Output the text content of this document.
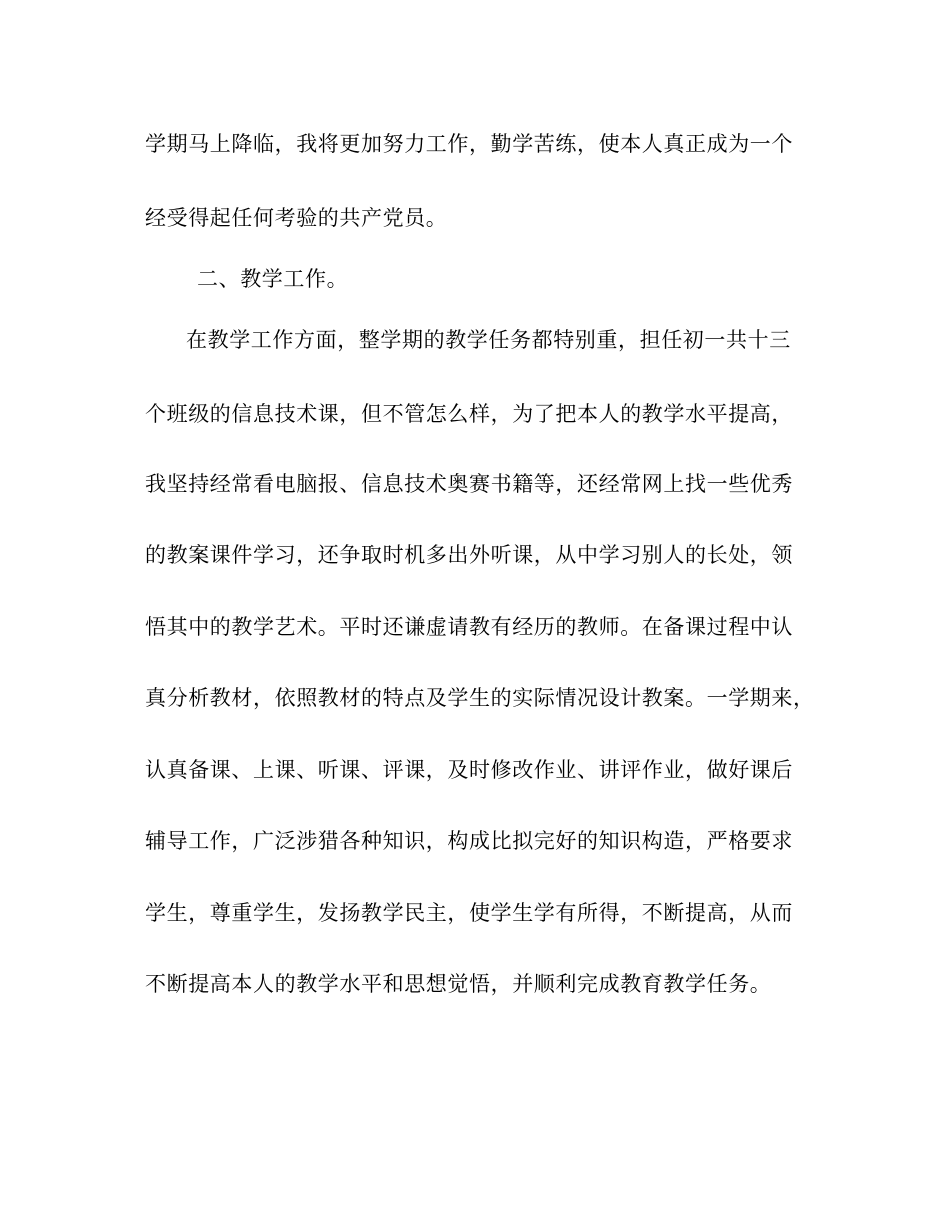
学期马上降临，我将更加努力工作，勤学苦练，使本人真正成为一个
经受得起任何考验的共产党员。
二、教学工作。
在教学工作方面，整学期的教学任务都特别重，担任初一共十三
个班级的信息技术课，但不管怎么样，为了把本人的教学水平提高，
我坚持经常看电脑报、信息技术奥赛书籍等，还经常网上找一些优秀
的教案课件学习，还争取时机多出外听课，从中学习别人的长处，领
悟其中的教学艺术。平时还谦虚请教有经历的教师。在备课过程中认
真分析教材，依照教材的特点及学生的实际情况设计教案。一学期来，
认真备课、上课、听课、评课，及时修改作业、讲评作业，做好课后
辅导工作，广泛涉猎各种知识，构成比拟完好的知识构造，严格要求
学生，尊重学生，发扬教学民主，使学生学有所得，不断提高，从而
不断提高本人的教学水平和思想觉悟，并顺利完成教育教学任务。
